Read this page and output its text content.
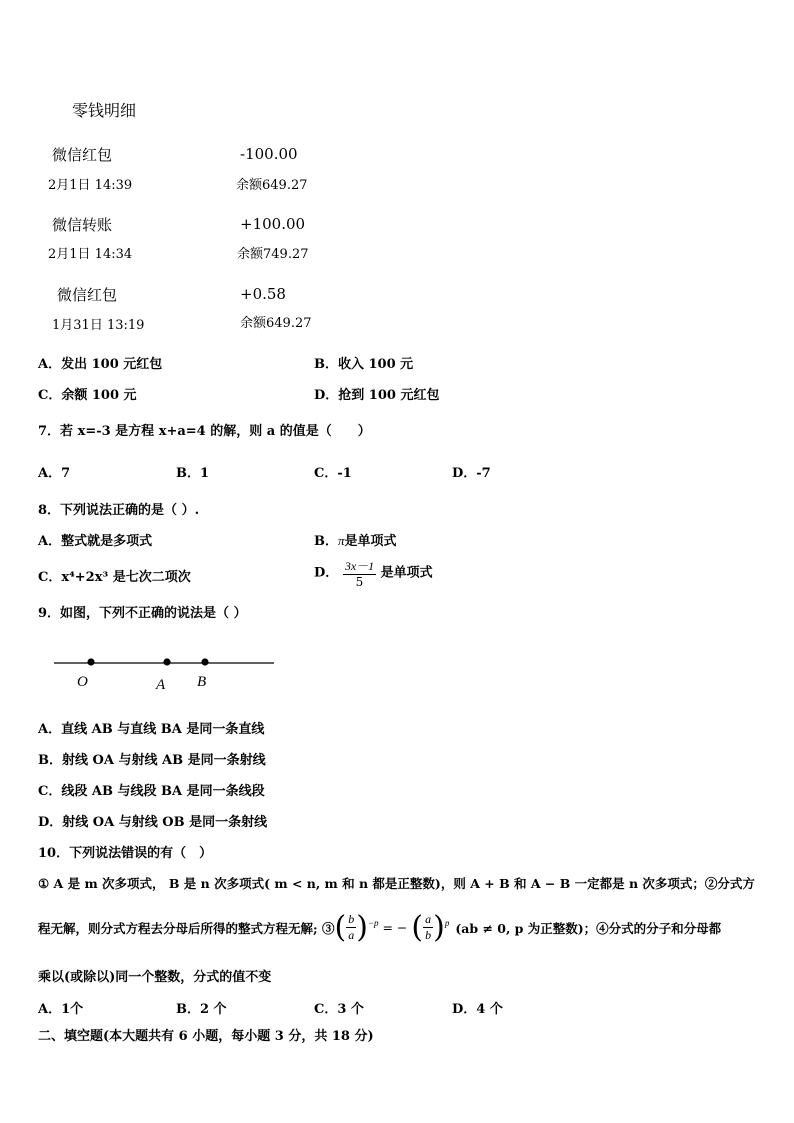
零钱明细
微信红包	-100.00
2月1日 14:39	余额649.27
微信转账	+100.00
2月1日 14:34	余额749.27
微信红包	+0.58
1月31日 13:19	余额649.27
A．发出 100 元红包	B．收入 100 元
C．余额 100 元	D．抢到 100 元红包
7．若 x=-3 是方程 x+a=4 的解，则 a 的值是（　　）
A．7	B．1	C．-1	D．-7
8．下列说法正确的是（ ）.
A．整式就是多项式	B．π是单项式
C．x⁴+2x³ 是七次二项次	D． $\frac{3x-1}{5}$ 是单项式
9．如图，下列不正确的说法是（ ）
O	A B
A．直线 AB 与直线 BA 是同一条直线
B．射线 OA 与射线 AB 是同一条射线
C．线段 AB 与线段 BA 是同一条线段
D．射线 OA 与射线 OB 是同一条射线
10．下列说法错误的有（　）
① A 是 m 次多项式， B 是 n 次多项式( m < n, m 和 n 都是正整数)，则 A + B 和 A − B 一定都是 n 次多项式；②分式方
程无解，则分式方程去分母后所得的整式方程无解; ③ ( $\frac{b}{a} )^{-p}$ = − ( $\frac{a}{b} )^p$ (ab ≠ 0, p 为正整数)；④分式的分子和分母都
乘以(或除以)同一个整数，分式的值不变
A．1个	B．2 个	C．3 个	D．4 个
二、填空题(本大题共有 6 小题，每小题 3 分，共 18 分)
